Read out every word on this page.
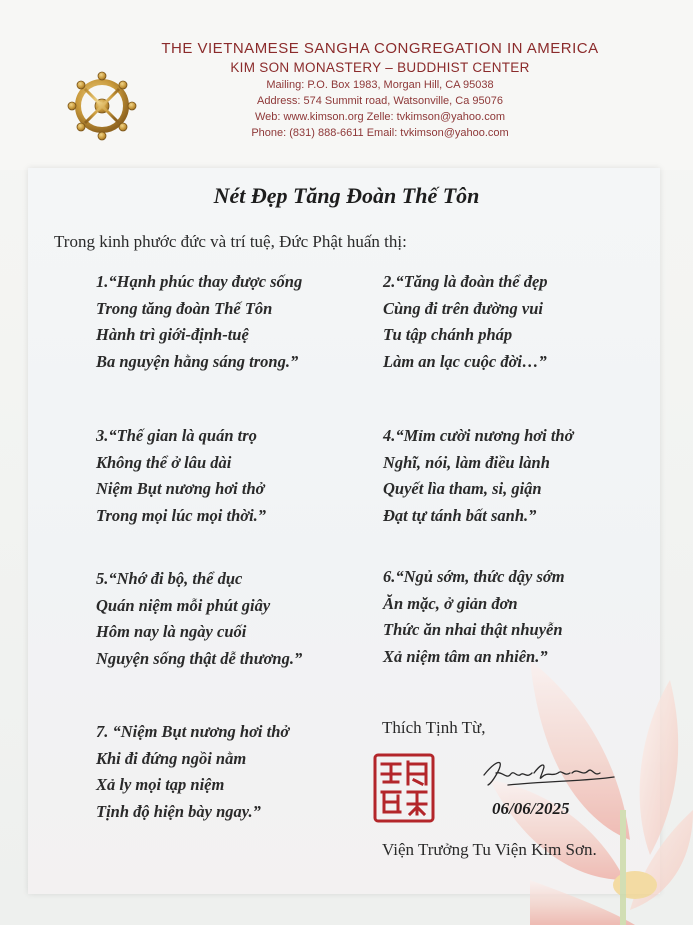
THE VIETNAMESE SANGHA CONGREGATION IN AMERICA
KIM SON MONASTERY – BUDDHIST CENTER
Mailing: P.O. Box 1983, Morgan Hill, CA 95038
Address: 574 Summit road, Watsonville, Ca 95076
Web: www.kimson.org Zelle: tvkimson@yahoo.com
Phone: (831) 888-6611 Email: tvkimson@yahoo.com
Nét Đẹp Tăng Đoàn Thế Tôn
Trong kinh phước đức và trí tuệ, Đức Phật huấn thị:
1.“Hạnh phúc thay được sống
Trong tăng đoàn Thế Tôn
Hành trì giới-định-tuệ
Ba nguyện hằng sáng trong.”
2.“Tăng là đoàn thể đẹp
Cùng đi trên đường vui
Tu tập chánh pháp
Làm an lạc cuộc đời…”
3.“Thế gian là quán trọ
Không thể ở lâu dài
Niệm Bụt nương hơi thở
Trong mọi lúc mọi thời.”
4.“Mỉm cười nương hơi thở
Nghĩ, nói, làm điều lành
Quyết lìa tham, si, giận
Đạt tự tánh bất sanh.”
5.“Nhớ đi bộ, thể dục
Quán niệm mỗi phút giây
Hôm nay là ngày cuối
Nguyện sống thật dễ thương.”
6.“Ngủ sớm, thức dậy sớm
Ăn mặc, ở giản đơn
Thức ăn nhai thật nhuyễn
Xả niệm tâm an nhiên.”
7. “Niệm Bụt nương hơi thở
Khi đi đứng ngồi nằm
Xả ly mọi tạp niệm
Tịnh độ hiện bày ngay.”
Thích Tịnh Từ,
06/06/2025
Viện Trưởng Tu Viện Kim Sơn.
